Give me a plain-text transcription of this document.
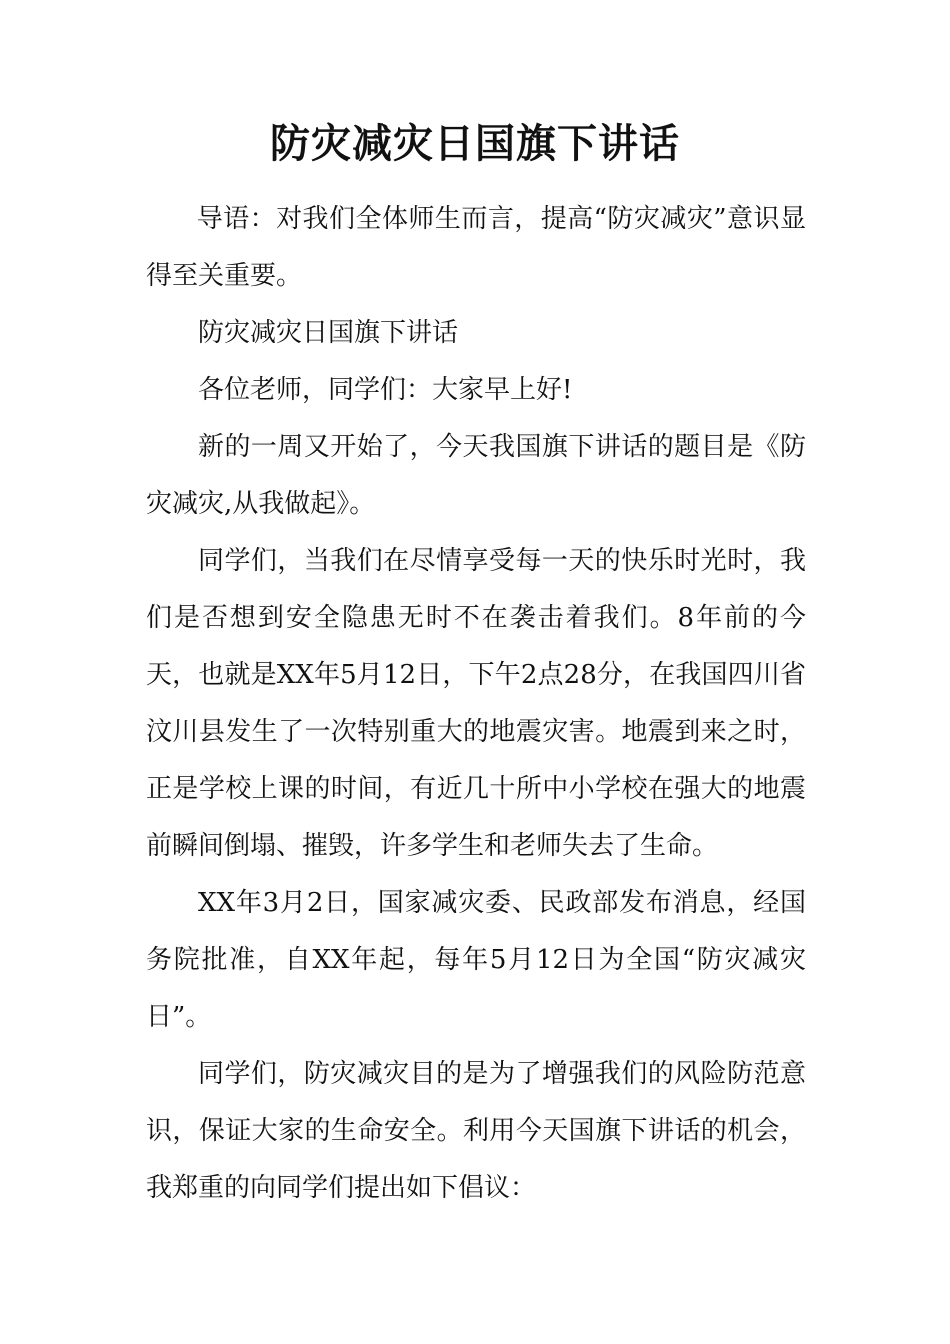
防灾减灾日国旗下讲话

导语：对我们全体师生而言，提高“防灾减灾”意识显得至关重要。

防灾减灾日国旗下讲话

各位老师，同学们：大家早上好!

新的一周又开始了，今天我国旗下讲话的题目是《防灾减灾,从我做起》。

同学们，当我们在尽情享受每一天的快乐时光时，我们是否想到安全隐患无时不在袭击着我们。8年前的今天，也就是XX年5月12日，下午2点28分，在我国四川省汶川县发生了一次特别重大的地震灾害。地震到来之时，正是学校上课的时间，有近几十所中小学校在强大的地震前瞬间倒塌、摧毁，许多学生和老师失去了生命。

XX年3月2日，国家减灾委、民政部发布消息，经国务院批准，自XX年起，每年5月12日为全国“防灾减灾日”。

同学们，防灾减灾目的是为了增强我们的风险防范意识，保证大家的生命安全。利用今天国旗下讲话的机会，我郑重的向同学们提出如下倡议：
